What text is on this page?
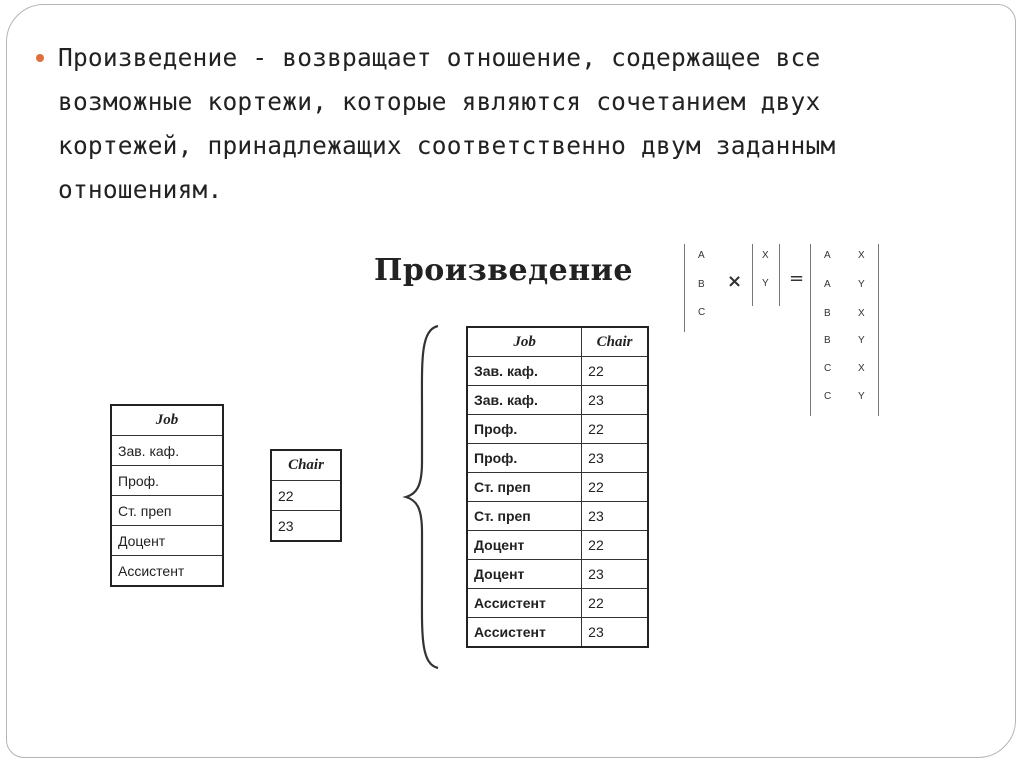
Произведение - возвращает отношение, содержащее все возможные кортежи, которые являются сочетанием двух кортежей, принадлежащих соответственно двум заданным отношениям.
Произведение
Job
Зав. каф.
Проф.
Ст. преп
Доцент
Ассистент
Chair
22
23
Job	Chair
Зав. каф.	22
Зав. каф.	23
Проф.	22
Проф.	23
Ст. преп	22
Ст. преп	23
Доцент	22
Доцент	23
Ассистент	22
Ассистент	23
A
B
C
×
X
Y =
A	X
A	Y
B	X
B	Y
C	X
C	Y
